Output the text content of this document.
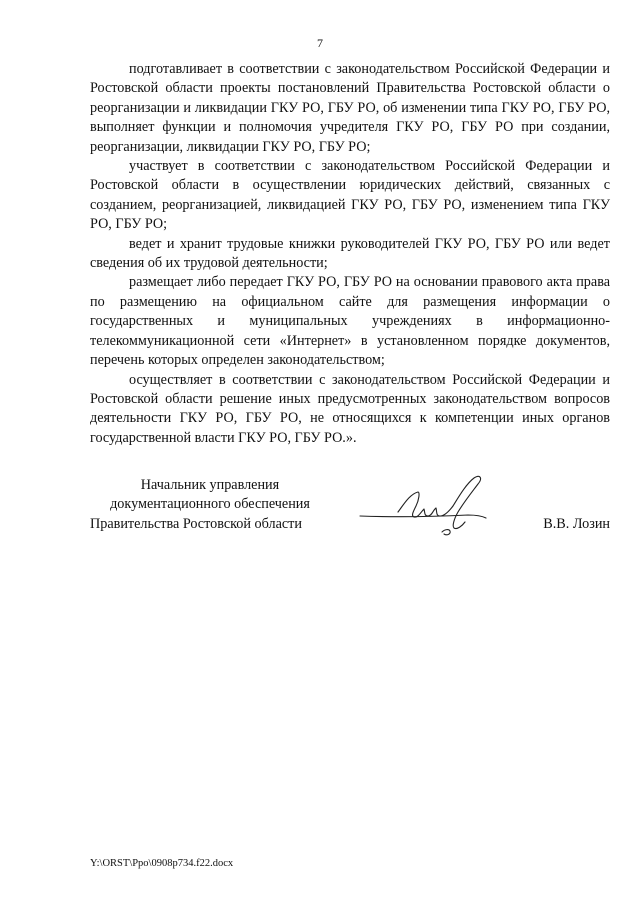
7

подготавливает в соответствии с законодательством Российской Федерации и Ростовской области проекты постановлений Правительства Ростовской области о реорганизации и ликвидации ГКУ РО, ГБУ РО, об изменении типа ГКУ РО, ГБУ РО, выполняет функции и полномочия учредителя ГКУ РО, ГБУ РО при создании, реорганизации, ликвидации ГКУ РО, ГБУ РО;

участвует в соответствии с законодательством Российской Федерации и Ростовской области в осуществлении юридических действий, связанных с созданием, реорганизацией, ликвидацией ГКУ РО, ГБУ РО, изменением типа ГКУ РО, ГБУ РО;

ведет и хранит трудовые книжки руководителей ГКУ РО, ГБУ РО или ведет сведения об их трудовой деятельности;

размещает либо передает ГКУ РО, ГБУ РО на основании правового акта права по размещению на официальном сайте для размещения информации о государственных и муниципальных учреждениях в информационно-телекоммуникационной сети «Интернет» в установленном порядке документов, перечень которых определен законодательством;

осуществляет в соответствии с законодательством Российской Федерации и Ростовской области решение иных предусмотренных законодательством вопросов деятельности ГКУ РО, ГБУ РО, не относящихся к компетенции иных органов государственной власти ГКУ РО, ГБУ РО.».

Начальник управления
документационного обеспечения
Правительства Ростовской области	В.В. Лозин
Y:\ORST\Ppo\0908p734.f22.docx
